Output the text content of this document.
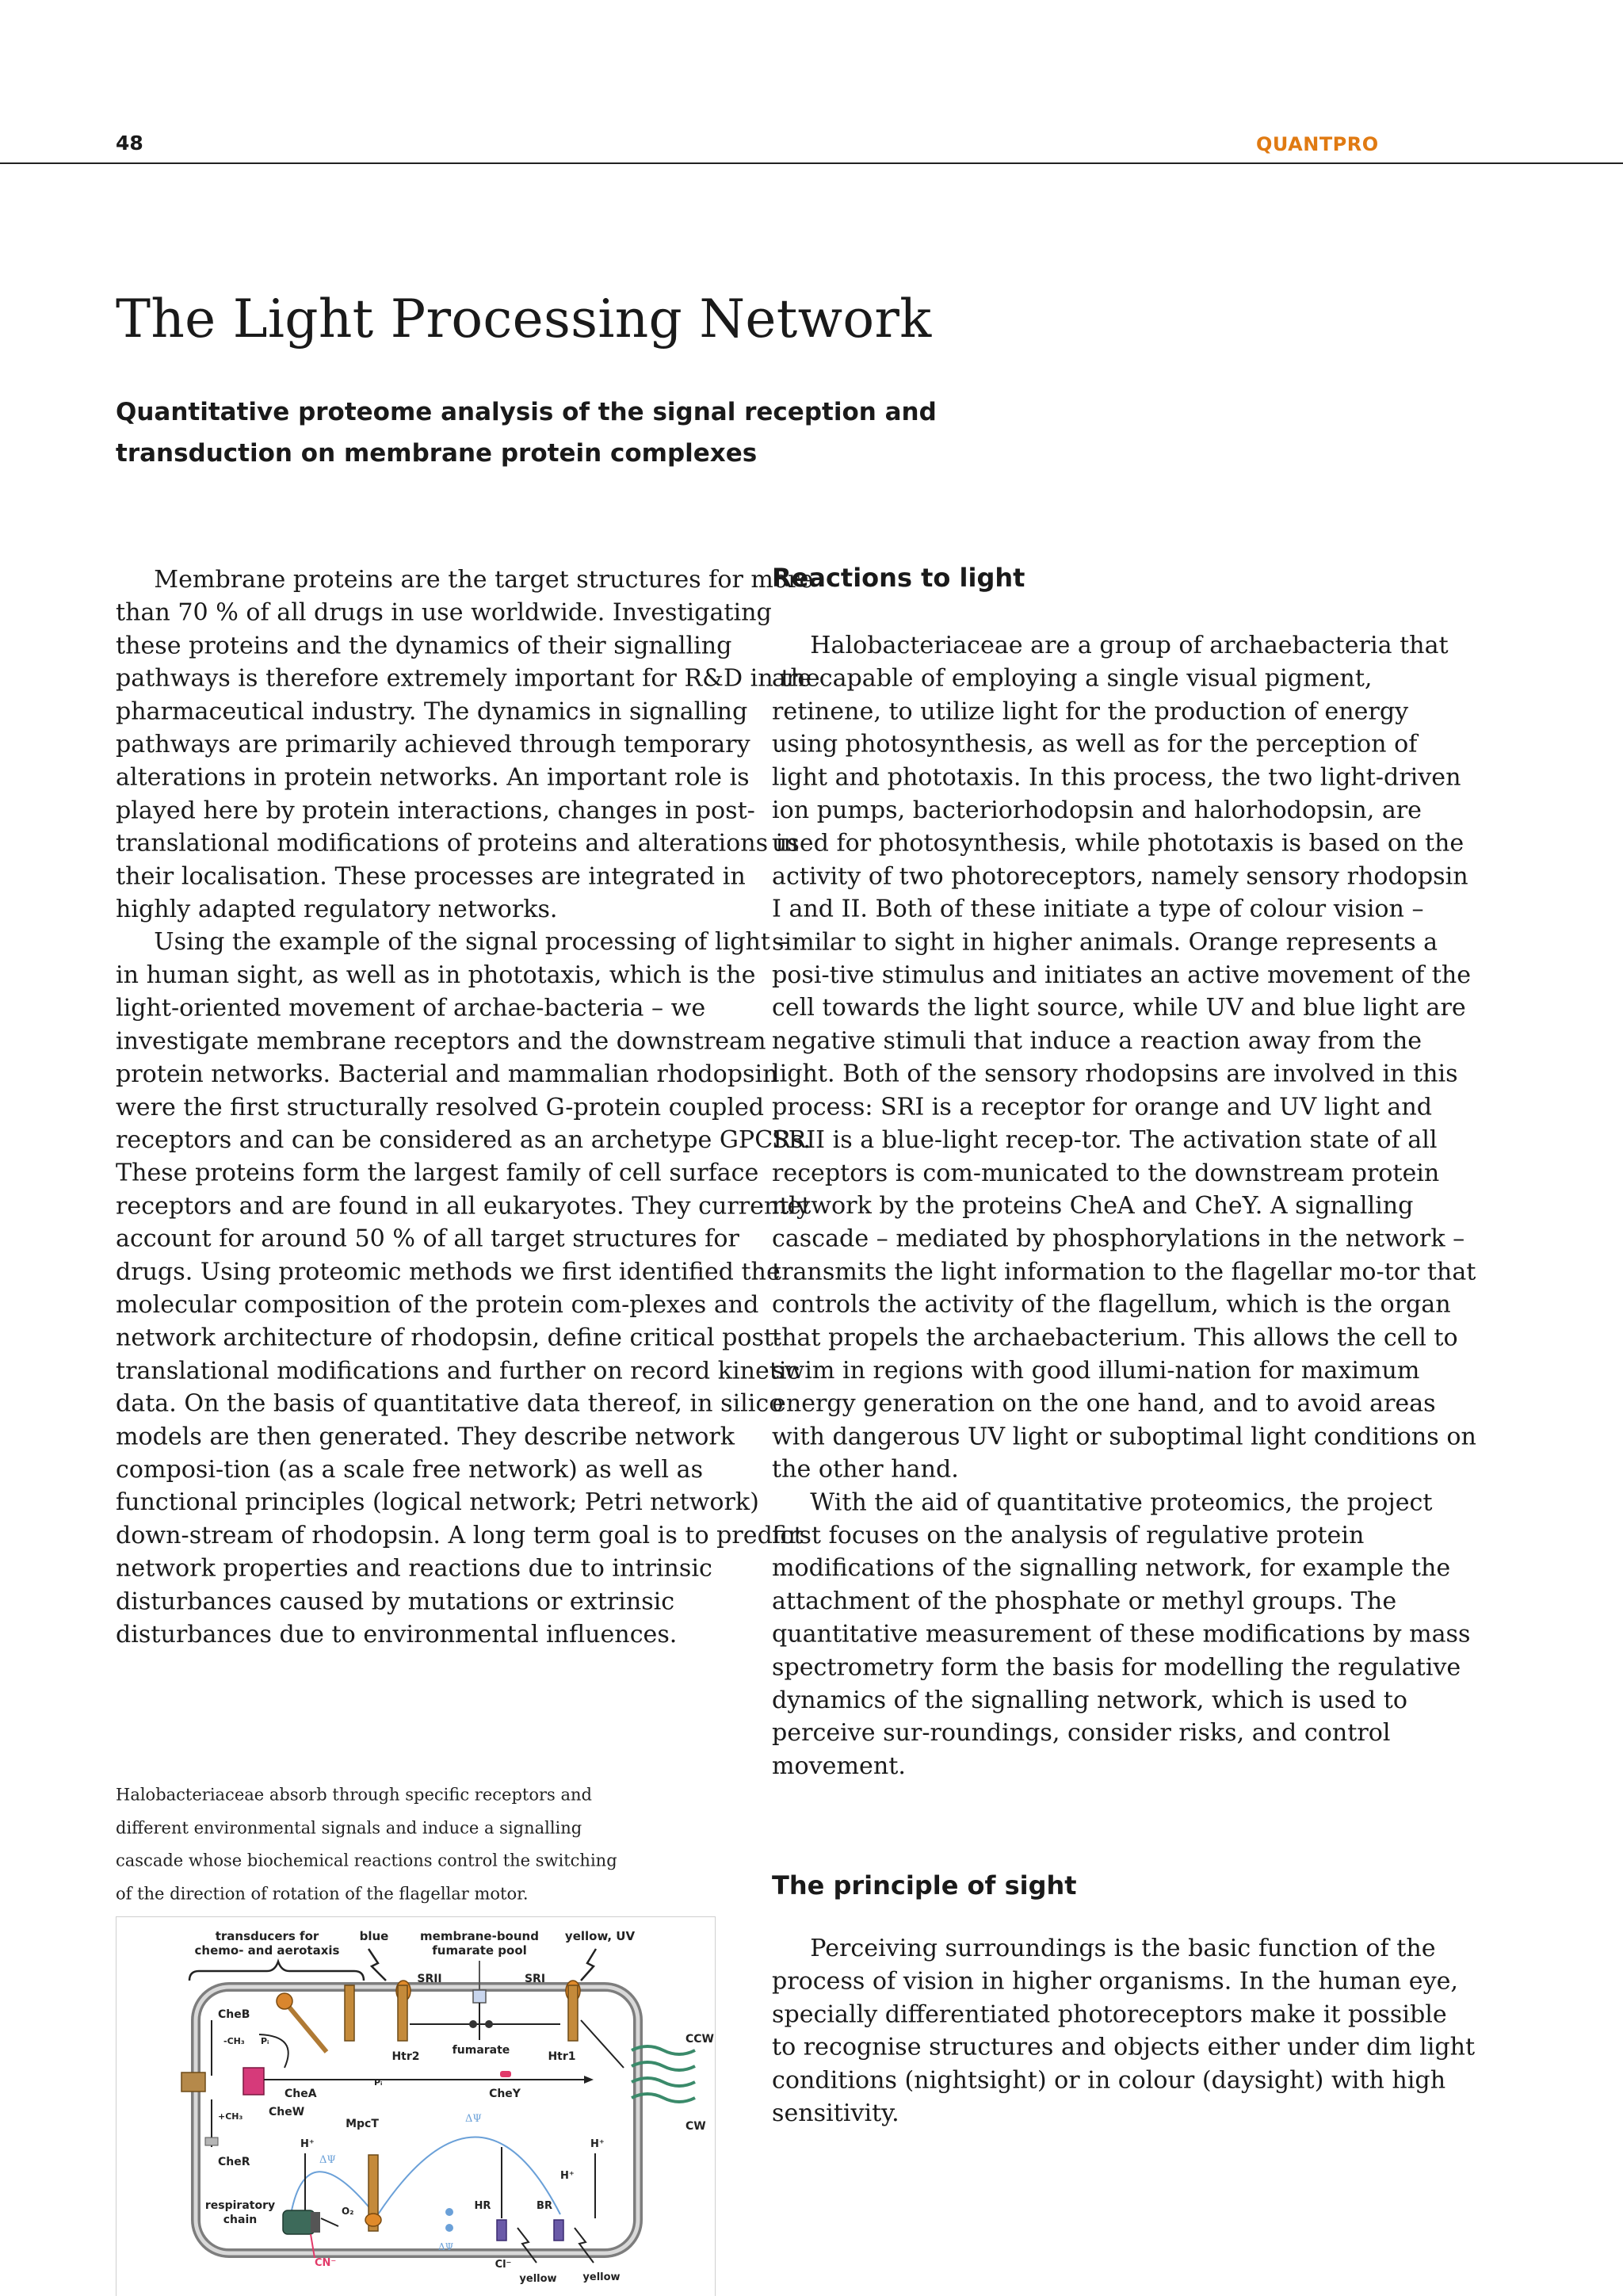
48	QUANTPRO
The Light Processing Network

Quantitative proteome analysis of the signal reception and transduction on membrane protein complexes

Membrane proteins are the target structures for more than 70 % of all drugs in use worldwide. Investigating these proteins and the dynamics of their signalling pathways is therefore extremely important for R&D in the pharmaceutical industry. The dynamics in signalling pathways are primarily achieved through temporary alterations in protein networks. An important role is played here by protein interactions, changes in post-translational modifications of proteins and alterations in their localisation. These processes are integrated in highly adapted regulatory networks.

Using the example of the signal processing of light – in human sight, as well as in phototaxis, which is the light-oriented movement of archae-bacteria – we investigate membrane receptors and the downstream protein networks. Bacterial and mammalian rhodopsin were the first structurally resolved G-protein coupled receptors and can be considered as an archetype GPCRs. These proteins form the largest family of cell surface receptors and are found in all eukaryotes. They currently account for around 50 % of all target structures for drugs. Using proteomic methods we first identified the molecular composition of the protein com-plexes and network architecture of rhodopsin, define critical post-translational modifications and further on record kinetic data. On the basis of quantitative data thereof, in silico models are then generated. They describe network composi-tion (as a scale free network) as well as functional principles (logical network; Petri network) down-stream of rhodopsin. A long term goal is to predict network properties and reactions due to intrinsic disturbances caused by mutations or extrinsic disturbances due to environmental influences.

Halobacteriaceae absorb through specific receptors and different environmental signals and induce a signalling cascade whose biochemical reactions control the switching of the direction of rotation of the flagellar motor.

Reactions to light

Halobacteriaceae are a group of archaebacteria that are capable of employing a single visual pigment, retinene, to utilize light for the production of energy using photosynthesis, as well as for the perception of light and phototaxis. In this process, the two light-driven ion pumps, bacteriorhodopsin and halorhodopsin, are used for photosynthesis, while phototaxis is based on the activity of two photoreceptors, namely sensory rhodopsin I and II. Both of these initiate a type of colour vision – similar to sight in higher animals. Orange represents a posi-tive stimulus and initiates an active movement of the cell towards the light source, while UV and blue light are negative stimuli that induce a reaction away from the light. Both of the sensory rhodopsins are involved in this process: SRI is a receptor for orange and UV light and SRII is a blue-light recep-tor. The activation state of all receptors is com-municated to the downstream protein network by the proteins CheA and CheY. A signalling cascade – mediated by phosphorylations in the network – transmits the light information to the flagellar mo-tor that controls the activity of the flagellum, which is the organ that propels the archaebacterium. This allows the cell to swim in regions with good illumi-nation for maximum energy generation on the one hand, and to avoid areas with dangerous UV light or suboptimal light conditions on the other hand.

With the aid of quantitative proteomics, the project first focuses on the analysis of regulative protein modifications of the signalling network, for example the attachment of the phosphate or methyl groups. The quantitative measurement of these modifications by mass spectrometry form the basis for modelling the regulative dynamics of the signalling network, which is used to perceive sur-roundings, consider risks, and control movement.

The principle of sight

Perceiving surroundings is the basic function of the process of vision in higher organisms. In the human eye, specially differentiated photoreceptors make it possible to recognise structures and objects either under dim light conditions (nightsight) or in colour (daysight) with high sensitivity.

transducers for
chemo- and aerotaxis
blue	membrane-bound
fumarate pool
yellow, UV
SRII	SRI
Htr2	fumarate	Htr1
CheB
-CH₃ Pᵢ
CheA
CheW
Pᵢ
CheY
CCW
CW
+CH₃
CheR
MpcT
ΔΨ
ΔΨ
H⁺	H⁺
respiratory
chain
O₂
CN⁻
ΔΨ
HR	BR
Cl⁻
yellow	yellow
H⁺
